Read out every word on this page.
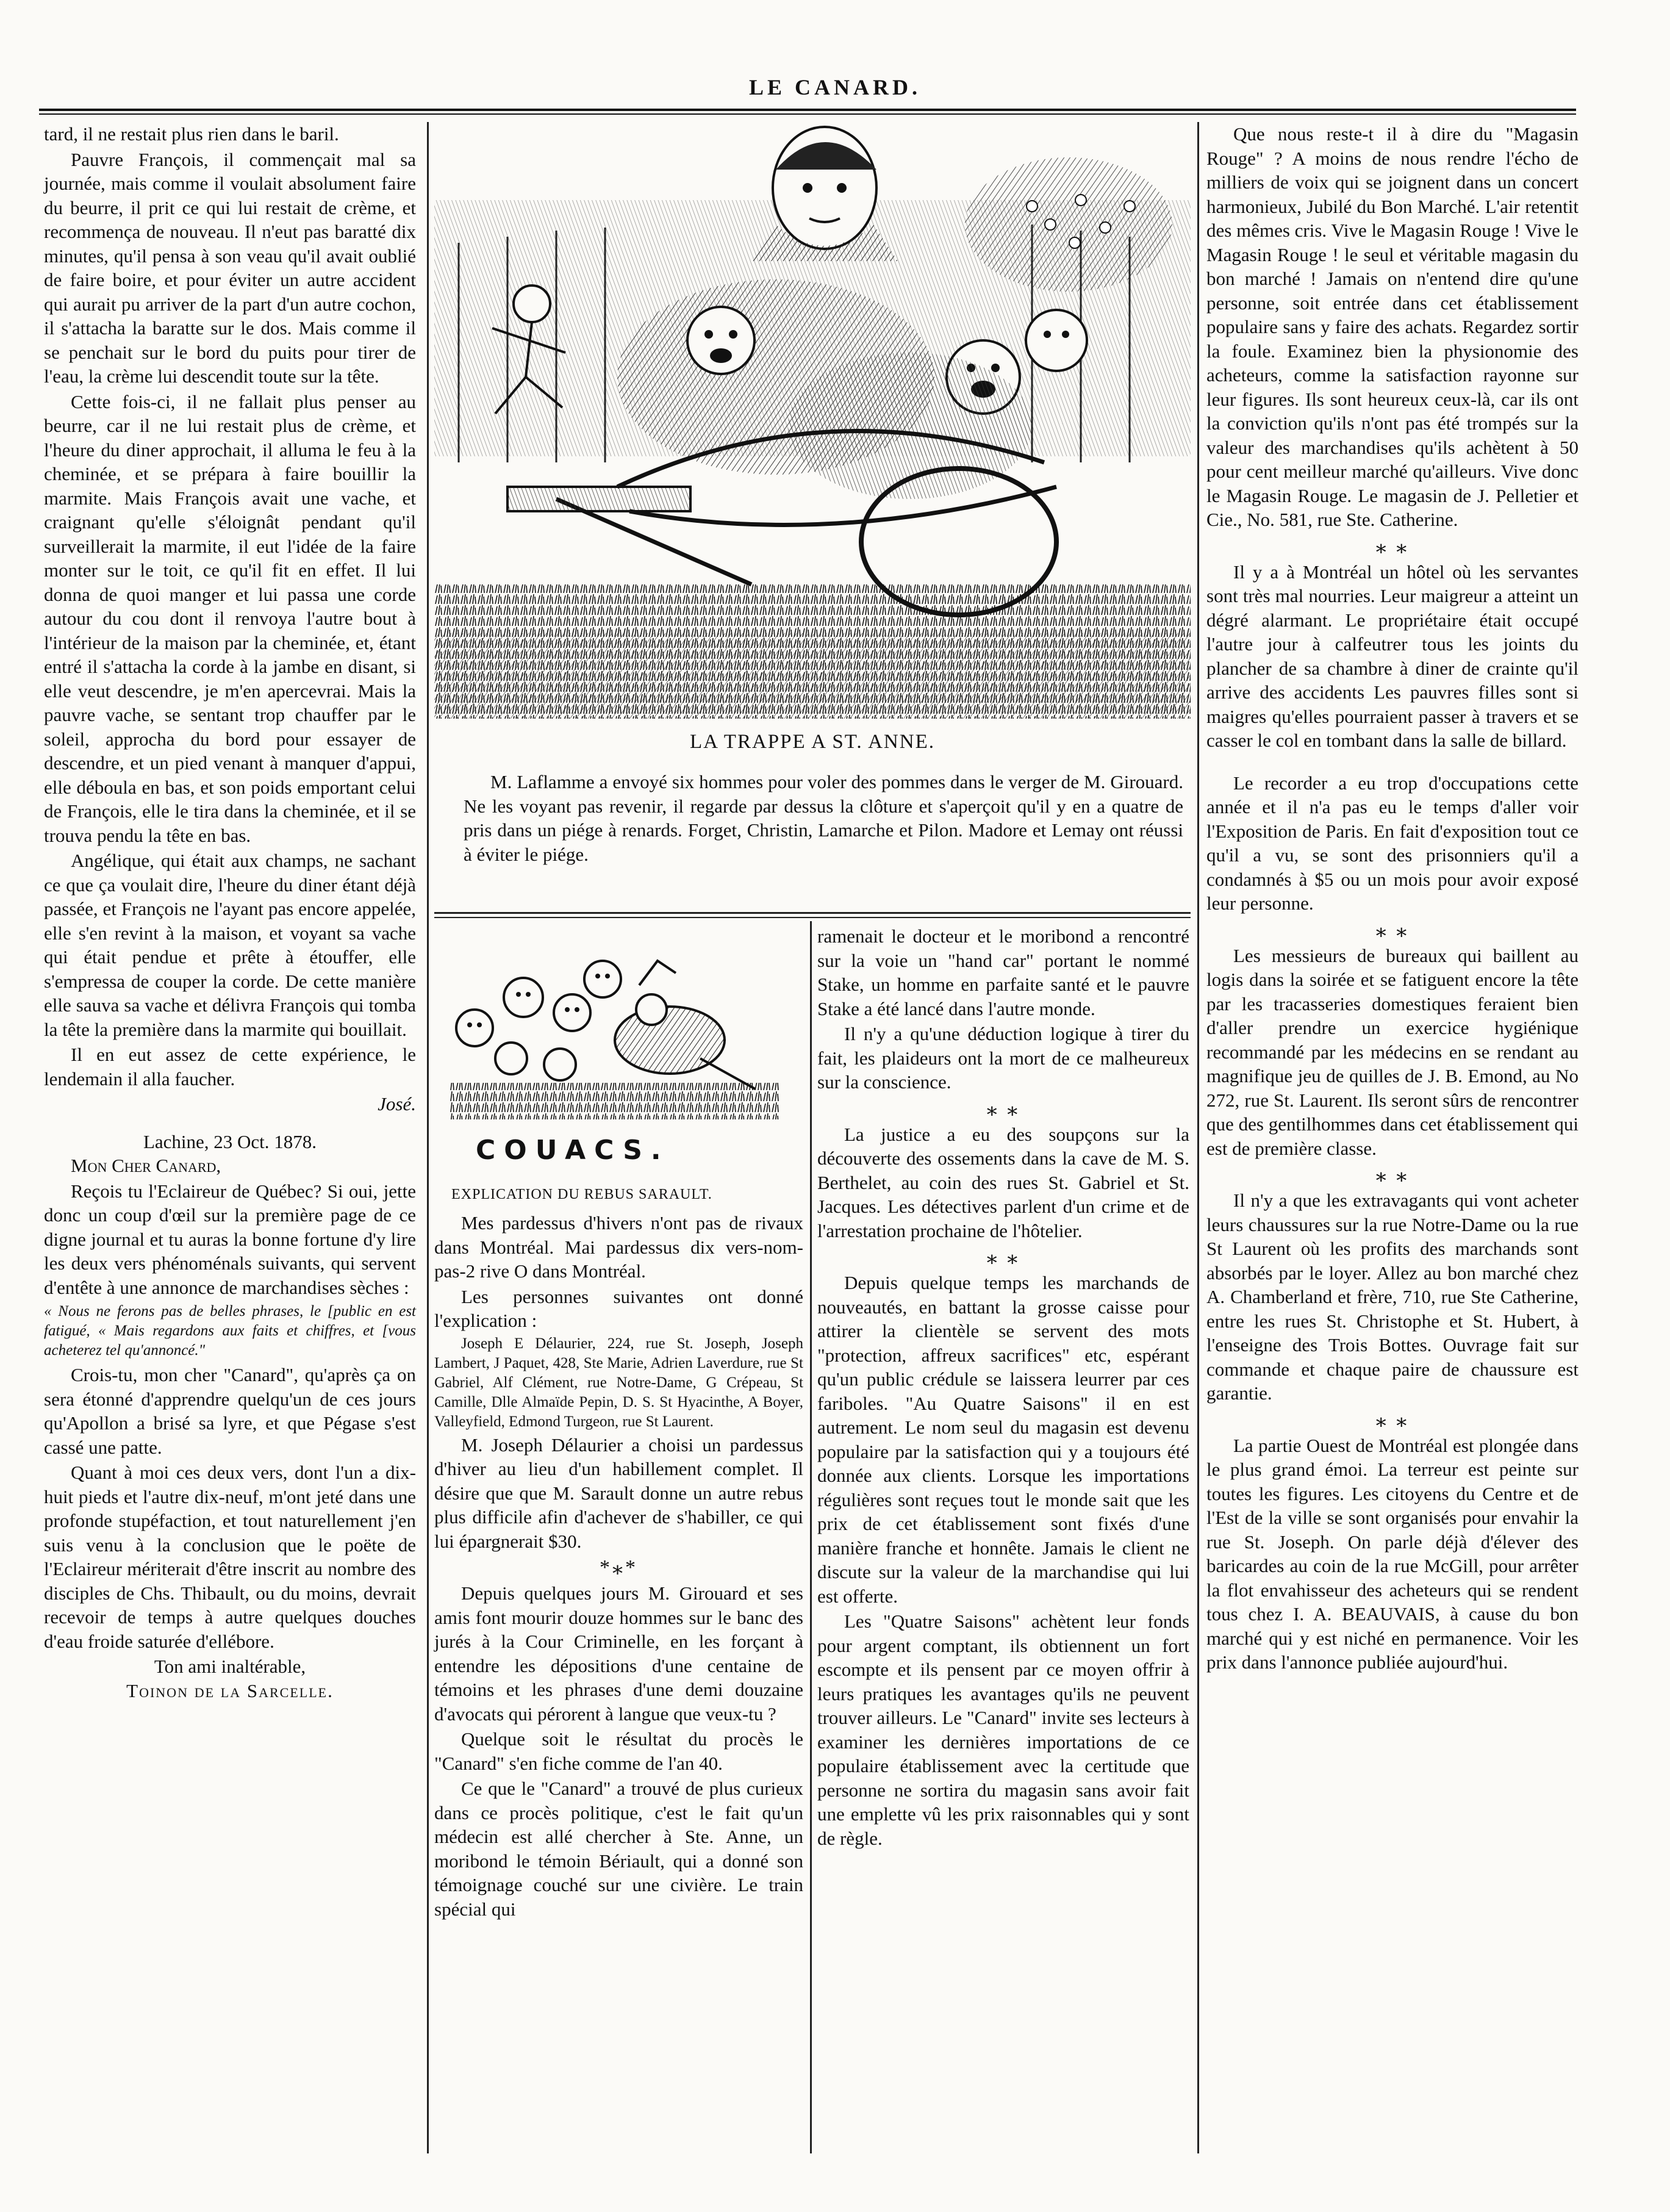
LE CANARD.

tard, il ne restait plus rien dans le baril.

Pauvre François, il commençait mal sa journée, mais comme il voulait absolument faire du beurre, il prit ce qui lui restait de crème, et recommença de nouveau. Il n'eut pas baratté dix minutes, qu'il pensa à son veau qu'il avait oublié de faire boire, et pour éviter un autre accident qui aurait pu arriver de la part d'un autre cochon, il s'attacha la baratte sur le dos. Mais comme il se penchait sur le bord du puits pour tirer de l'eau, la crème lui descendit toute sur la tête.

Cette fois-ci, il ne fallait plus penser au beurre, car il ne lui restait plus de crème, et l'heure du diner approchait, il alluma le feu à la cheminée, et se prépara à faire bouillir la marmite. Mais François avait une vache, et craignant qu'elle s'éloignât pendant qu'il surveillerait la marmite, il eut l'idée de la faire monter sur le toit, ce qu'il fit en effet. Il lui donna de quoi manger et lui passa une corde autour du cou dont il renvoya l'autre bout à l'intérieur de la maison par la cheminée, et, étant entré il s'attacha la corde à la jambe en disant, si elle veut descendre, je m'en apercevrai. Mais la pauvre vache, se sentant trop chauffer par le soleil, approcha du bord pour essayer de descendre, et un pied venant à manquer d'appui, elle déboula en bas, et son poids emportant celui de François, elle le tira dans la cheminée, et il se trouva pendu la tête en bas.

Angélique, qui était aux champs, ne sachant ce que ça voulait dire, l'heure du diner étant déjà passée, et François ne l'ayant pas encore appelée, elle s'en revint à la maison, et voyant sa vache qui était pendue et prête à étouffer, elle s'empressa de couper la corde. De cette manière elle sauva sa vache et délivra François qui tomba la tête la première dans la marmite qui bouillait.

Il en eut assez de cette expérience, le lendemain il alla faucher.

José.
Lachine, 23 Oct. 1878.

Mon Cher Canard,

Reçois tu l'Eclaireur de Québec? Si oui, jette donc un coup d'œil sur la première page de ce digne journal et tu auras la bonne fortune d'y lire les deux vers phénoménals suivants, qui servent d'entête à une annonce de marchandises sèches :

« Nous ne ferons pas de belles phrases, le [public en est fatigué, « Mais regardons aux faits et chiffres, et [vous acheterez tel qu'annoncé."

Crois-tu, mon cher "Canard", qu'après ça on sera étonné d'apprendre quelqu'un de ces jours qu'Apollon a brisé sa lyre, et que Pégase s'est cassé une patte.

Quant à moi ces deux vers, dont l'un a dix-huit pieds et l'autre dix-neuf, m'ont jeté dans une profonde stupéfaction, et tout naturellement j'en suis venu à la conclusion que le poëte de l'Eclaireur mériterait d'être inscrit au nombre des disciples de Chs. Thibault, ou du moins, devrait recevoir de temps à autre quelques douches d'eau froide saturée d'ellébore.

Ton ami inaltérable,
Toinon de la Sarcelle.
LA TRAPPE A ST. ANNE.

M. Laflamme a envoyé six hommes pour voler des pommes dans le verger de M. Girouard. Ne les voyant pas revenir, il regarde par dessus la clôture et s'aperçoit qu'il y en a quatre de pris dans un piége à renards. Forget, Christin, Lamarche et Pilon. Madore et Lemay ont réussi à éviter le piége.

COUACS.
EXPLICATION DU REBUS SARAULT.

Mes pardessus d'hivers n'ont pas de rivaux dans Montréal. Mai pardessus dix vers-nom-pas-2 rive O dans Montréal.

Les personnes suivantes ont donné l'explication :

Joseph E Délaurier, 224, rue St. Joseph, Joseph Lambert, J Paquet, 428, Ste Marie, Adrien Laverdure, rue St Gabriel, Alf Clément, rue Notre-Dame, G Crépeau, St Camille, Dlle Almaïde Pepin, D. S. St Hyacinthe, A Boyer, Valleyfield, Edmond Turgeon, rue St Laurent.

M. Joseph Délaurier a choisi un pardessus d'hiver au lieu d'un habillement complet. Il désire que que M. Sarault donne un autre rebus plus difficile afin d'achever de s'habiller, ce qui lui épargnerait $30.

*⁎*

Depuis quelques jours M. Girouard et ses amis font mourir douze hommes sur le banc des jurés à la Cour Criminelle, en les forçant à entendre les dépositions d'une centaine de témoins et les phrases d'une demi douzaine d'avocats qui pérorent à langue que veux-tu ?

Quelque soit le résultat du procès le "Canard" s'en fiche comme de l'an 40.

Ce que le "Canard" a trouvé de plus curieux dans ce procès politique, c'est le fait qu'un médecin est allé chercher à Ste. Anne, un moribond le témoin Bériault, qui a donné son témoignage couché sur une civière. Le train spécial qui

ramenait le docteur et le moribond a rencontré sur la voie un "hand car" portant le nommé Stake, un homme en parfaite santé et le pauvre Stake a été lancé dans l'autre monde.

Il n'y a qu'une déduction logique à tirer du fait, les plaideurs ont la mort de ce malheureux sur la conscience.

⁎ ⁎

La justice a eu des soupçons sur la découverte des ossements dans la cave de M. S. Berthelet, au coin des rues St. Gabriel et St. Jacques. Les détectives parlent d'un crime et de l'arrestation prochaine de l'hôtelier.

⁎ ⁎

Depuis quelque temps les marchands de nouveautés, en battant la grosse caisse pour attirer la clientèle se servent des mots "protection, affreux sacrifices" etc, espérant qu'un public crédule se laissera leurrer par ces fariboles. "Au Quatre Saisons" il en est autrement. Le nom seul du magasin est devenu populaire par la satisfaction qui y a toujours été donnée aux clients. Lorsque les importations régulières sont reçues tout le monde sait que les prix de cet établissement sont fixés d'une manière franche et honnête. Jamais le client ne discute sur la valeur de la marchandise qui lui est offerte.

Les "Quatre Saisons" achètent leur fonds pour argent comptant, ils obtiennent un fort escompte et ils pensent par ce moyen offrir à leurs pratiques les avantages qu'ils ne peuvent trouver ailleurs. Le "Canard" invite ses lecteurs à examiner les dernières importations de ce populaire établissement avec la certitude que personne ne sortira du magasin sans avoir fait une emplette vû les prix raisonnables qui y sont de règle.

Que nous reste-t il à dire du "Magasin Rouge" ? A moins de nous rendre l'écho de milliers de voix qui se joignent dans un concert harmonieux, Jubilé du Bon Marché. L'air retentit des mêmes cris. Vive le Magasin Rouge ! Vive le Magasin Rouge ! le seul et véritable magasin du bon marché ! Jamais on n'entend dire qu'une personne, soit entrée dans cet établissement populaire sans y faire des achats. Regardez sortir la foule. Examinez bien la physionomie des acheteurs, comme la satisfaction rayonne sur leur figures. Ils sont heureux ceux-là, car ils ont la conviction qu'ils n'ont pas été trompés sur la valeur des marchandises qu'ils achètent à 50 pour cent meilleur marché qu'ailleurs. Vive donc le Magasin Rouge. Le magasin de J. Pelletier et Cie., No. 581, rue Ste. Catherine.

⁎ ⁎

Il y a à Montréal un hôtel où les servantes sont très mal nourries. Leur maigreur a atteint un dégré alarmant. Le propriétaire était occupé l'autre jour à calfeutrer tous les joints du plancher de sa chambre à diner de crainte qu'il arrive des accidents Les pauvres filles sont si maigres qu'elles pourraient passer à travers et se casser le col en tombant dans la salle de billard.

Le recorder a eu trop d'occupations cette année et il n'a pas eu le temps d'aller voir l'Exposition de Paris. En fait d'exposition tout ce qu'il a vu, se sont des prisonniers qu'il a condamnés à $5 ou un mois pour avoir exposé leur personne.

⁎ ⁎

Les messieurs de bureaux qui baillent au logis dans la soirée et se fatiguent encore la tête par les tracasseries domestiques feraient bien d'aller prendre un exercice hygiénique recommandé par les médecins en se rendant au magnifique jeu de quilles de J. B. Emond, au No 272, rue St. Laurent. Ils seront sûrs de rencontrer que des gentilhommes dans cet établissement qui est de première classe.

⁎ ⁎

Il n'y a que les extravagants qui vont acheter leurs chaussures sur la rue Notre-Dame ou la rue St Laurent où les profits des marchands sont absorbés par le loyer. Allez au bon marché chez A. Chamberland et frère, 710, rue Ste Catherine, entre les rues St. Christophe et St. Hubert, à l'enseigne des Trois Bottes. Ouvrage fait sur commande et chaque paire de chaussure est garantie.

⁎ ⁎

La partie Ouest de Montréal est plongée dans le plus grand émoi. La terreur est peinte sur toutes les figures. Les citoyens du Centre et de l'Est de la ville se sont organisés pour envahir la rue St. Joseph. On parle déjà d'élever des baricardes au coin de la rue McGill, pour arrêter la flot envahisseur des acheteurs qui se rendent tous chez I. A. BEAUVAIS, à cause du bon marché qui y est niché en permanence. Voir les prix dans l'annonce publiée aujourd'hui.
